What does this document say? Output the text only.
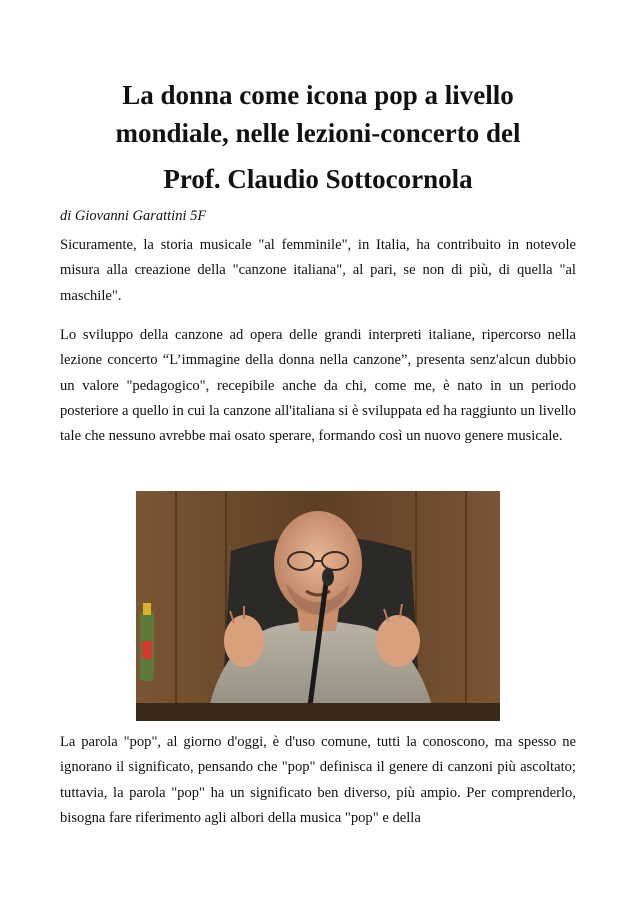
La donna come icona pop a livello
mondiale, nelle lezioni-concerto del
Prof. Claudio Sottocornola
di Giovanni Garattini 5F

Sicuramente, la storia musicale "al femminile", in Italia, ha contribuito in notevole misura alla creazione della "canzone italiana", al pari, se non di più, di quella "al maschile".

Lo sviluppo della canzone ad opera delle grandi interpreti italiane, ripercorso nella lezione concerto “L’immagine della donna nella canzone”, presenta senz'alcun dubbio un valore "pedagogico", recepibile anche da chi, come me, è nato in un periodo posteriore a quello in cui la canzone all'italiana si è sviluppata ed ha raggiunto un livello tale che nessuno avrebbe mai osato sperare, formando così un nuovo genere musicale.

La parola "pop", al giorno d'oggi, è d'uso comune, tutti la conoscono, ma spesso ne ignorano il significato, pensando che "pop" definisca il genere di canzoni più ascoltato; tuttavia, la parola "pop" ha un significato ben diverso, più ampio. Per comprenderlo, bisogna fare riferimento agli albori della musica "pop" e della
